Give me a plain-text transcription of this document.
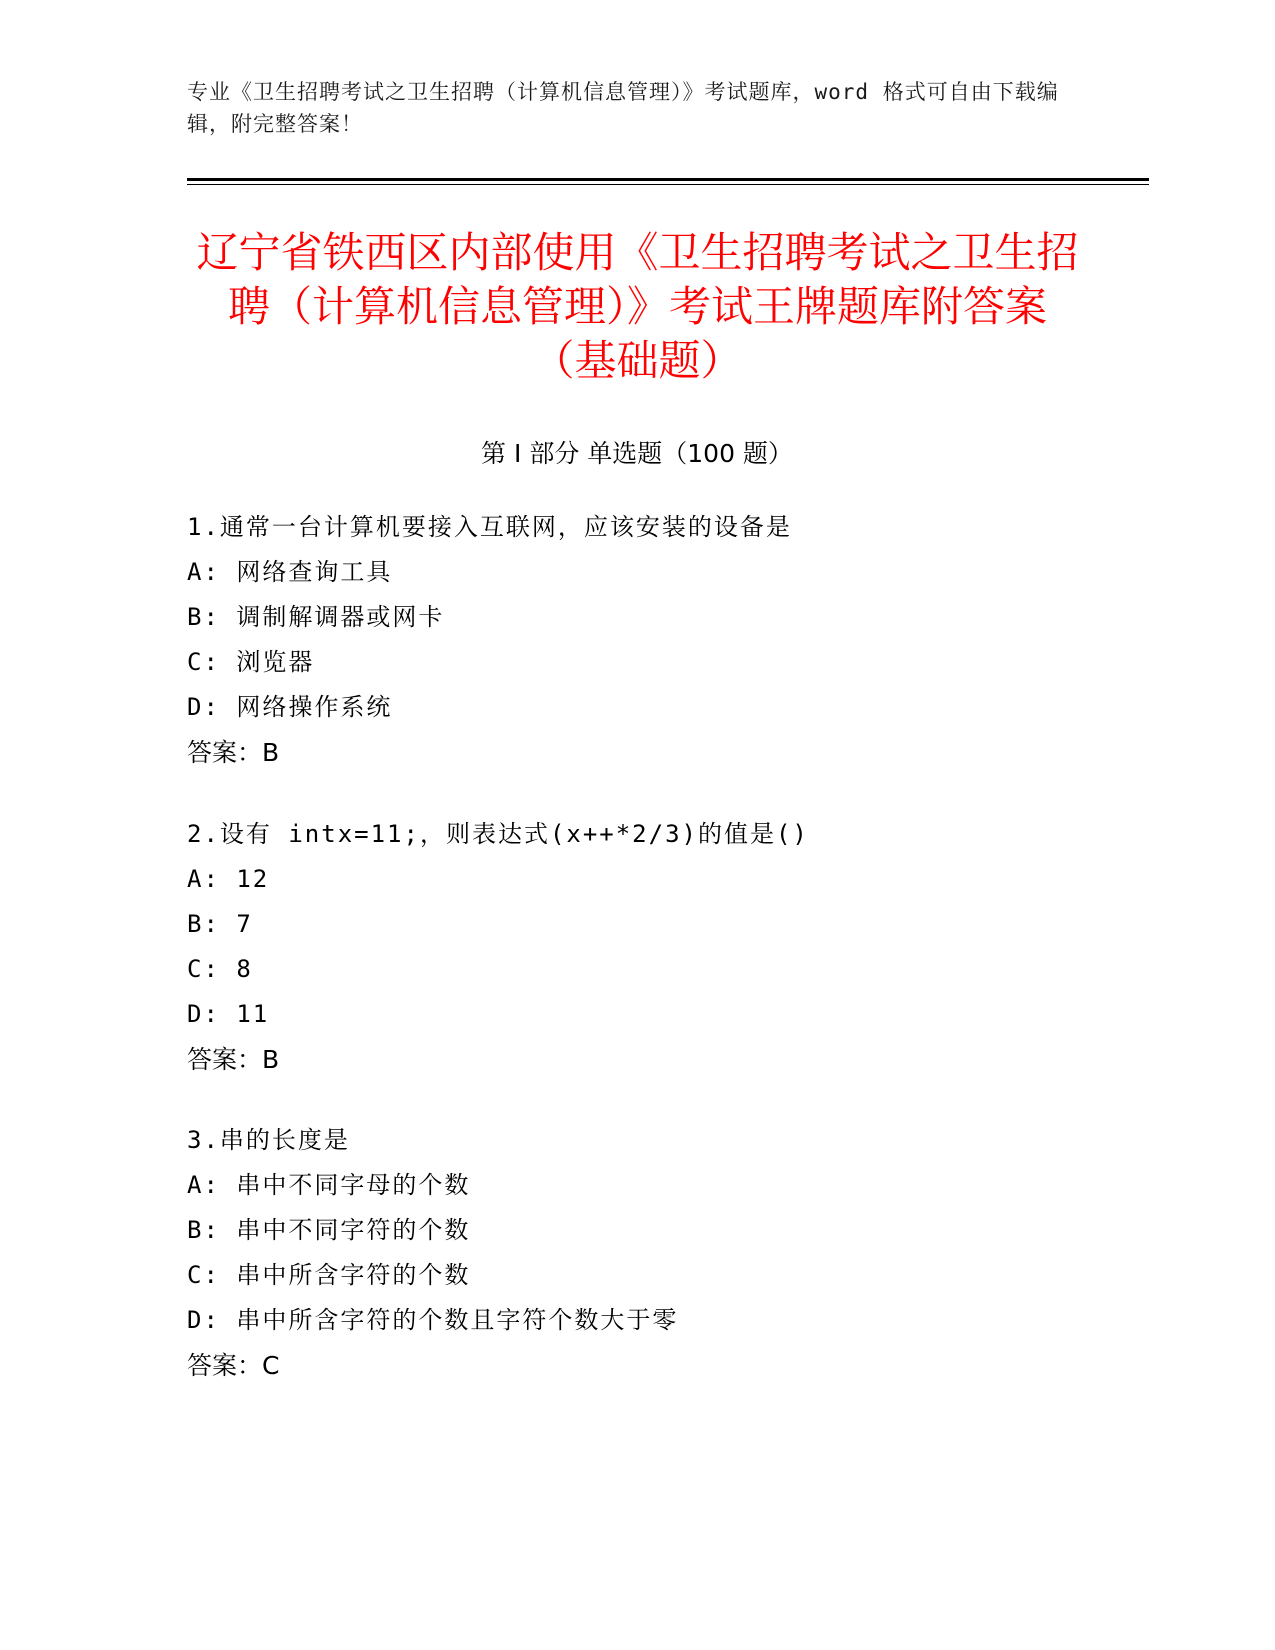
专业《卫生招聘考试之卫生招聘（计算机信息管理）》考试题库，word 格式可自由下载编辑，附完整答案！
辽宁省铁西区内部使用《卫生招聘考试之卫生招聘（计算机信息管理）》考试王牌题库附答案（基础题）
第 I 部分 单选题（100 题）
1.通常一台计算机要接入互联网，应该安装的设备是
A: 网络查询工具
B: 调制解调器或网卡
C: 浏览器
D: 网络操作系统
答案：B
2.设有 intx=11;，则表达式(x++*2/3)的值是()
A: 12
B: 7
C: 8
D: 11
答案：B
3.串的长度是
A: 串中不同字母的个数
B: 串中不同字符的个数
C: 串中所含字符的个数
D: 串中所含字符的个数且字符个数大于零
答案：C
